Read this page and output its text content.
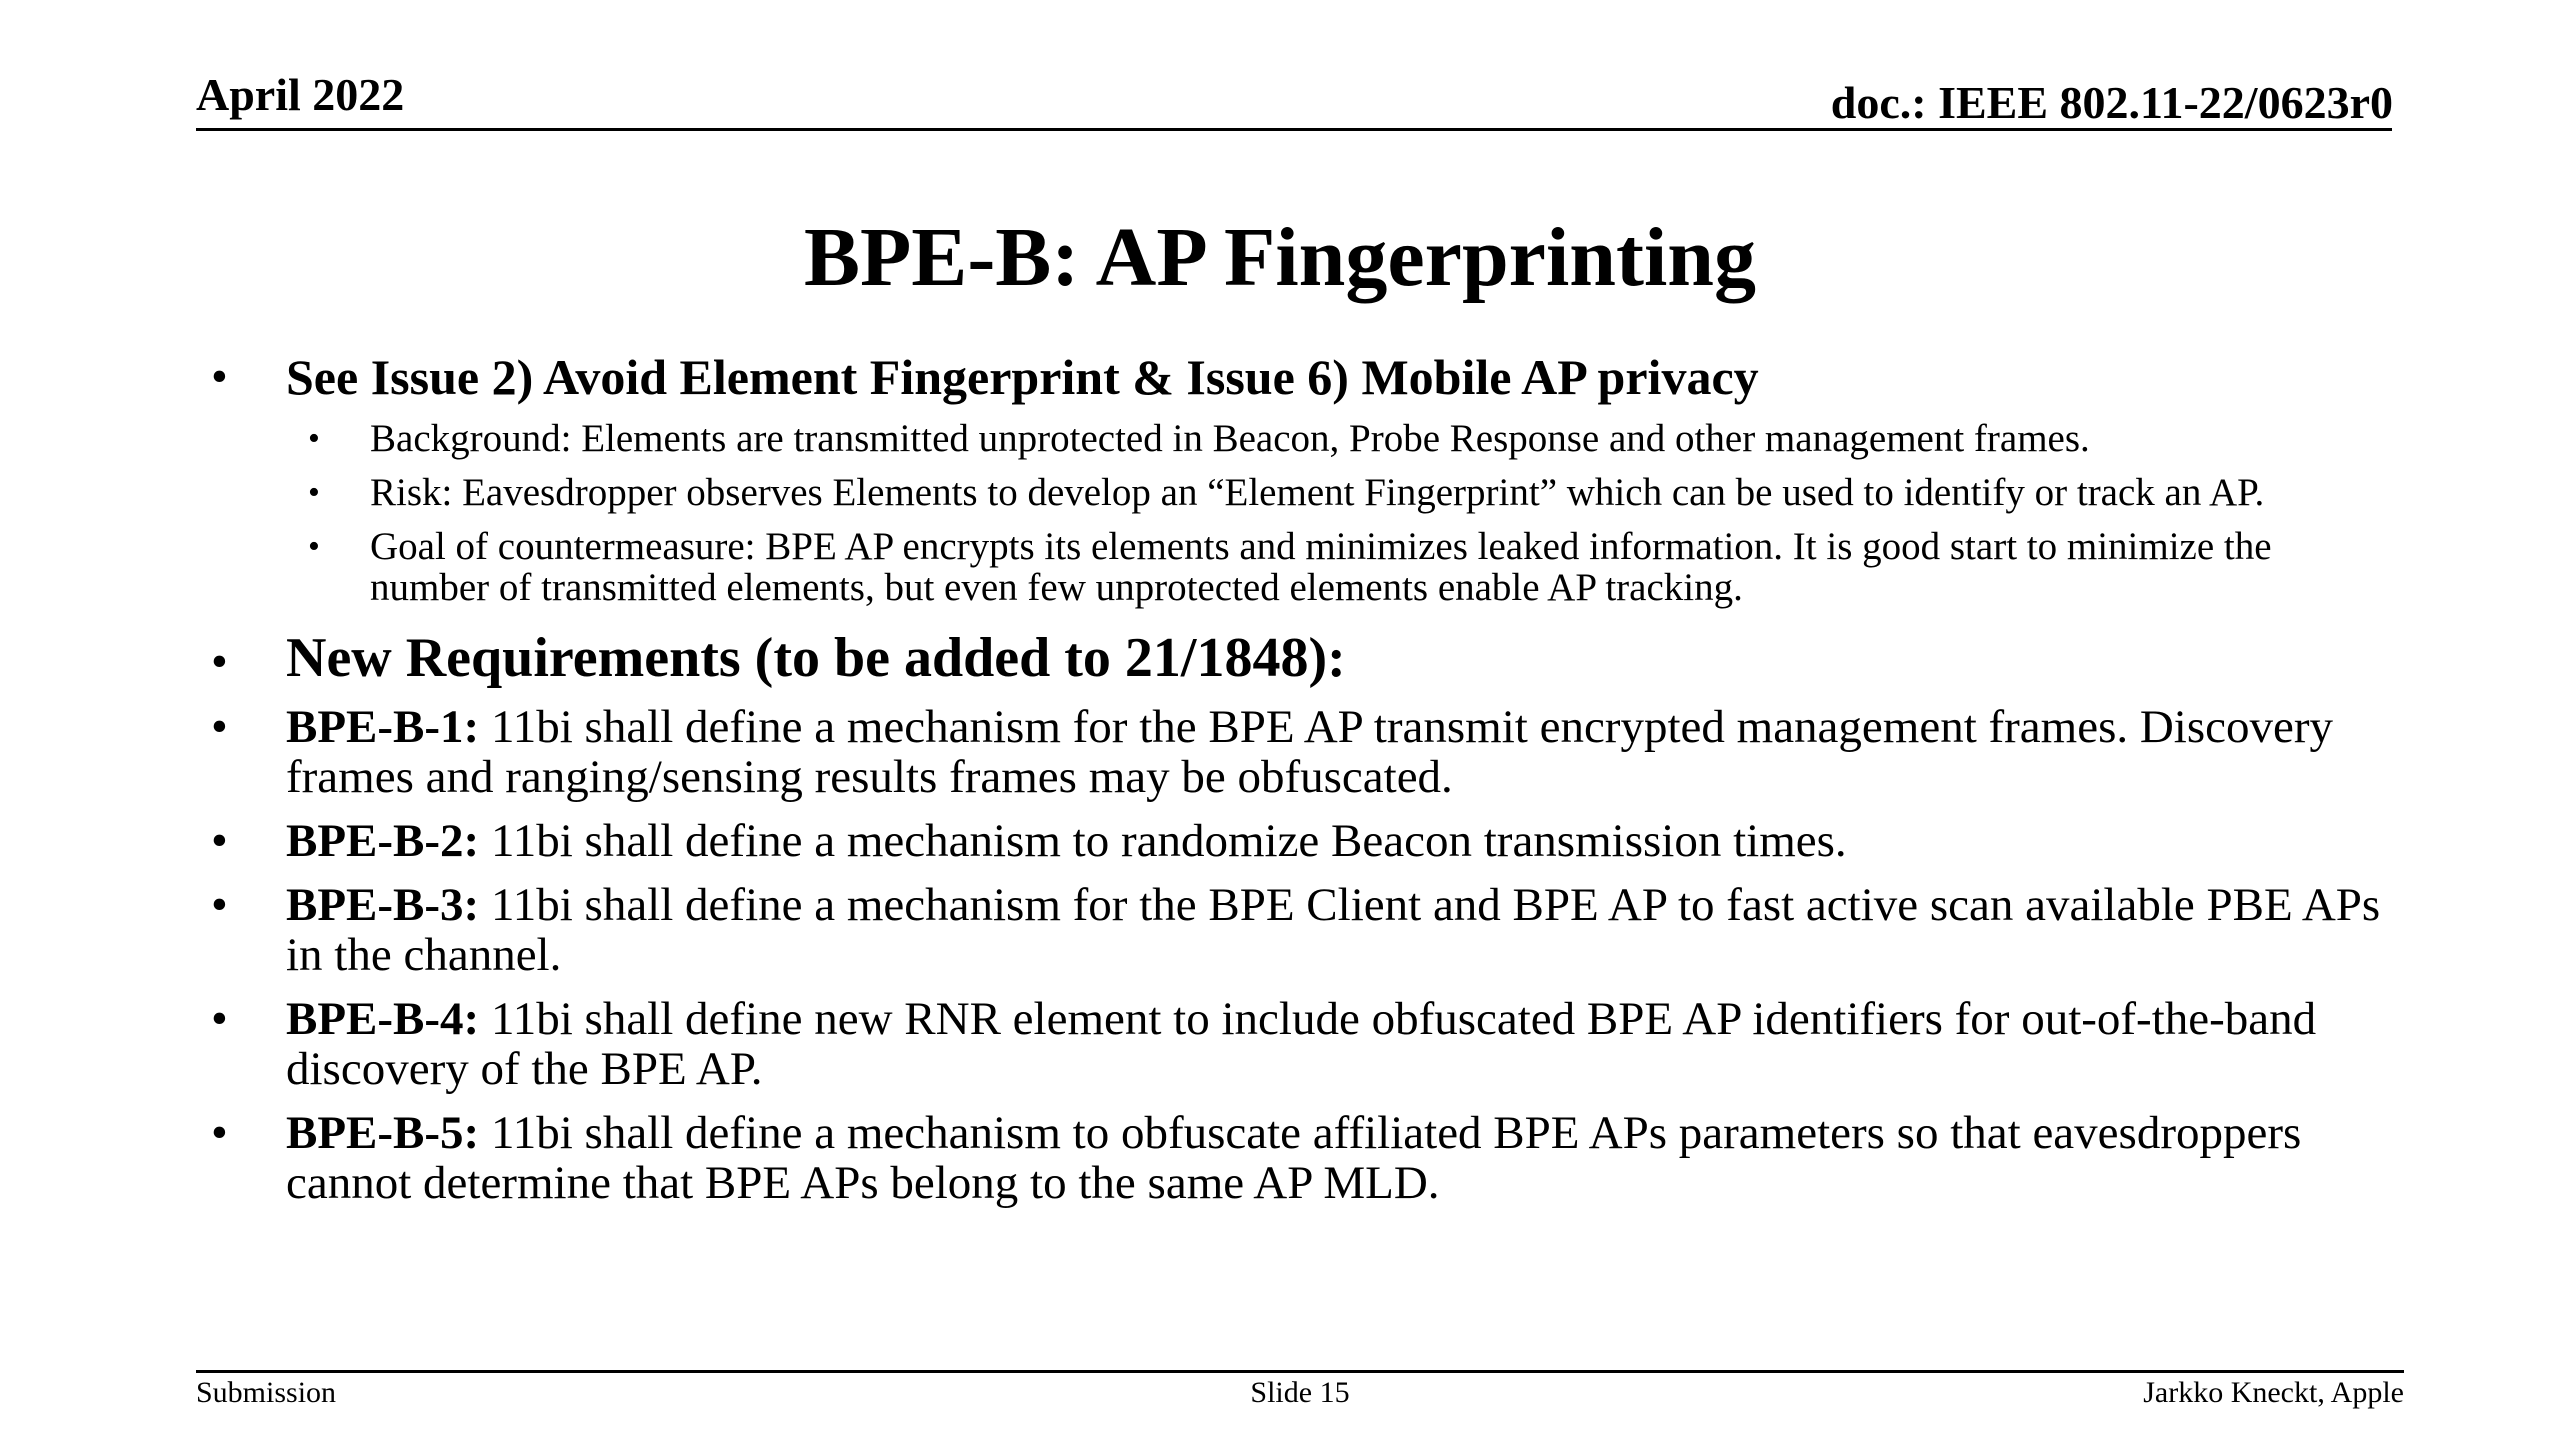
April 2022	doc.: IEEE 802.11-22/0623r0
BPE-B: AP Fingerprinting
• See Issue 2) Avoid Element Fingerprint & Issue 6) Mobile AP privacy
• Background: Elements are transmitted unprotected in Beacon, Probe Response and other management frames.
• Risk: Eavesdropper observes Elements to develop an “Element Fingerprint” which can be used to identify or track an AP.
• Goal of countermeasure: BPE AP encrypts its elements and minimizes leaked information. It is good start to minimize the number of transmitted elements, but even few unprotected elements enable AP tracking.
• New Requirements (to be added to 21/1848):
• BPE-B-1: 11bi shall define a mechanism for the BPE AP transmit encrypted management frames. Discovery frames and ranging/sensing results frames may be obfuscated.
• BPE-B-2: 11bi shall define a mechanism to randomize Beacon transmission times.
• BPE-B-3: 11bi shall define a mechanism for the BPE Client and BPE AP to fast active scan available PBE APs in the channel.
• BPE-B-4: 11bi shall define new RNR element to include obfuscated BPE AP identifiers for out-of-the-band discovery of the BPE AP.
• BPE-B-5: 11bi shall define a mechanism to obfuscate affiliated BPE APs parameters so that eavesdroppers cannot determine that BPE APs belong to the same AP MLD.
Submission	Slide 15	Jarkko Kneckt, Apple
